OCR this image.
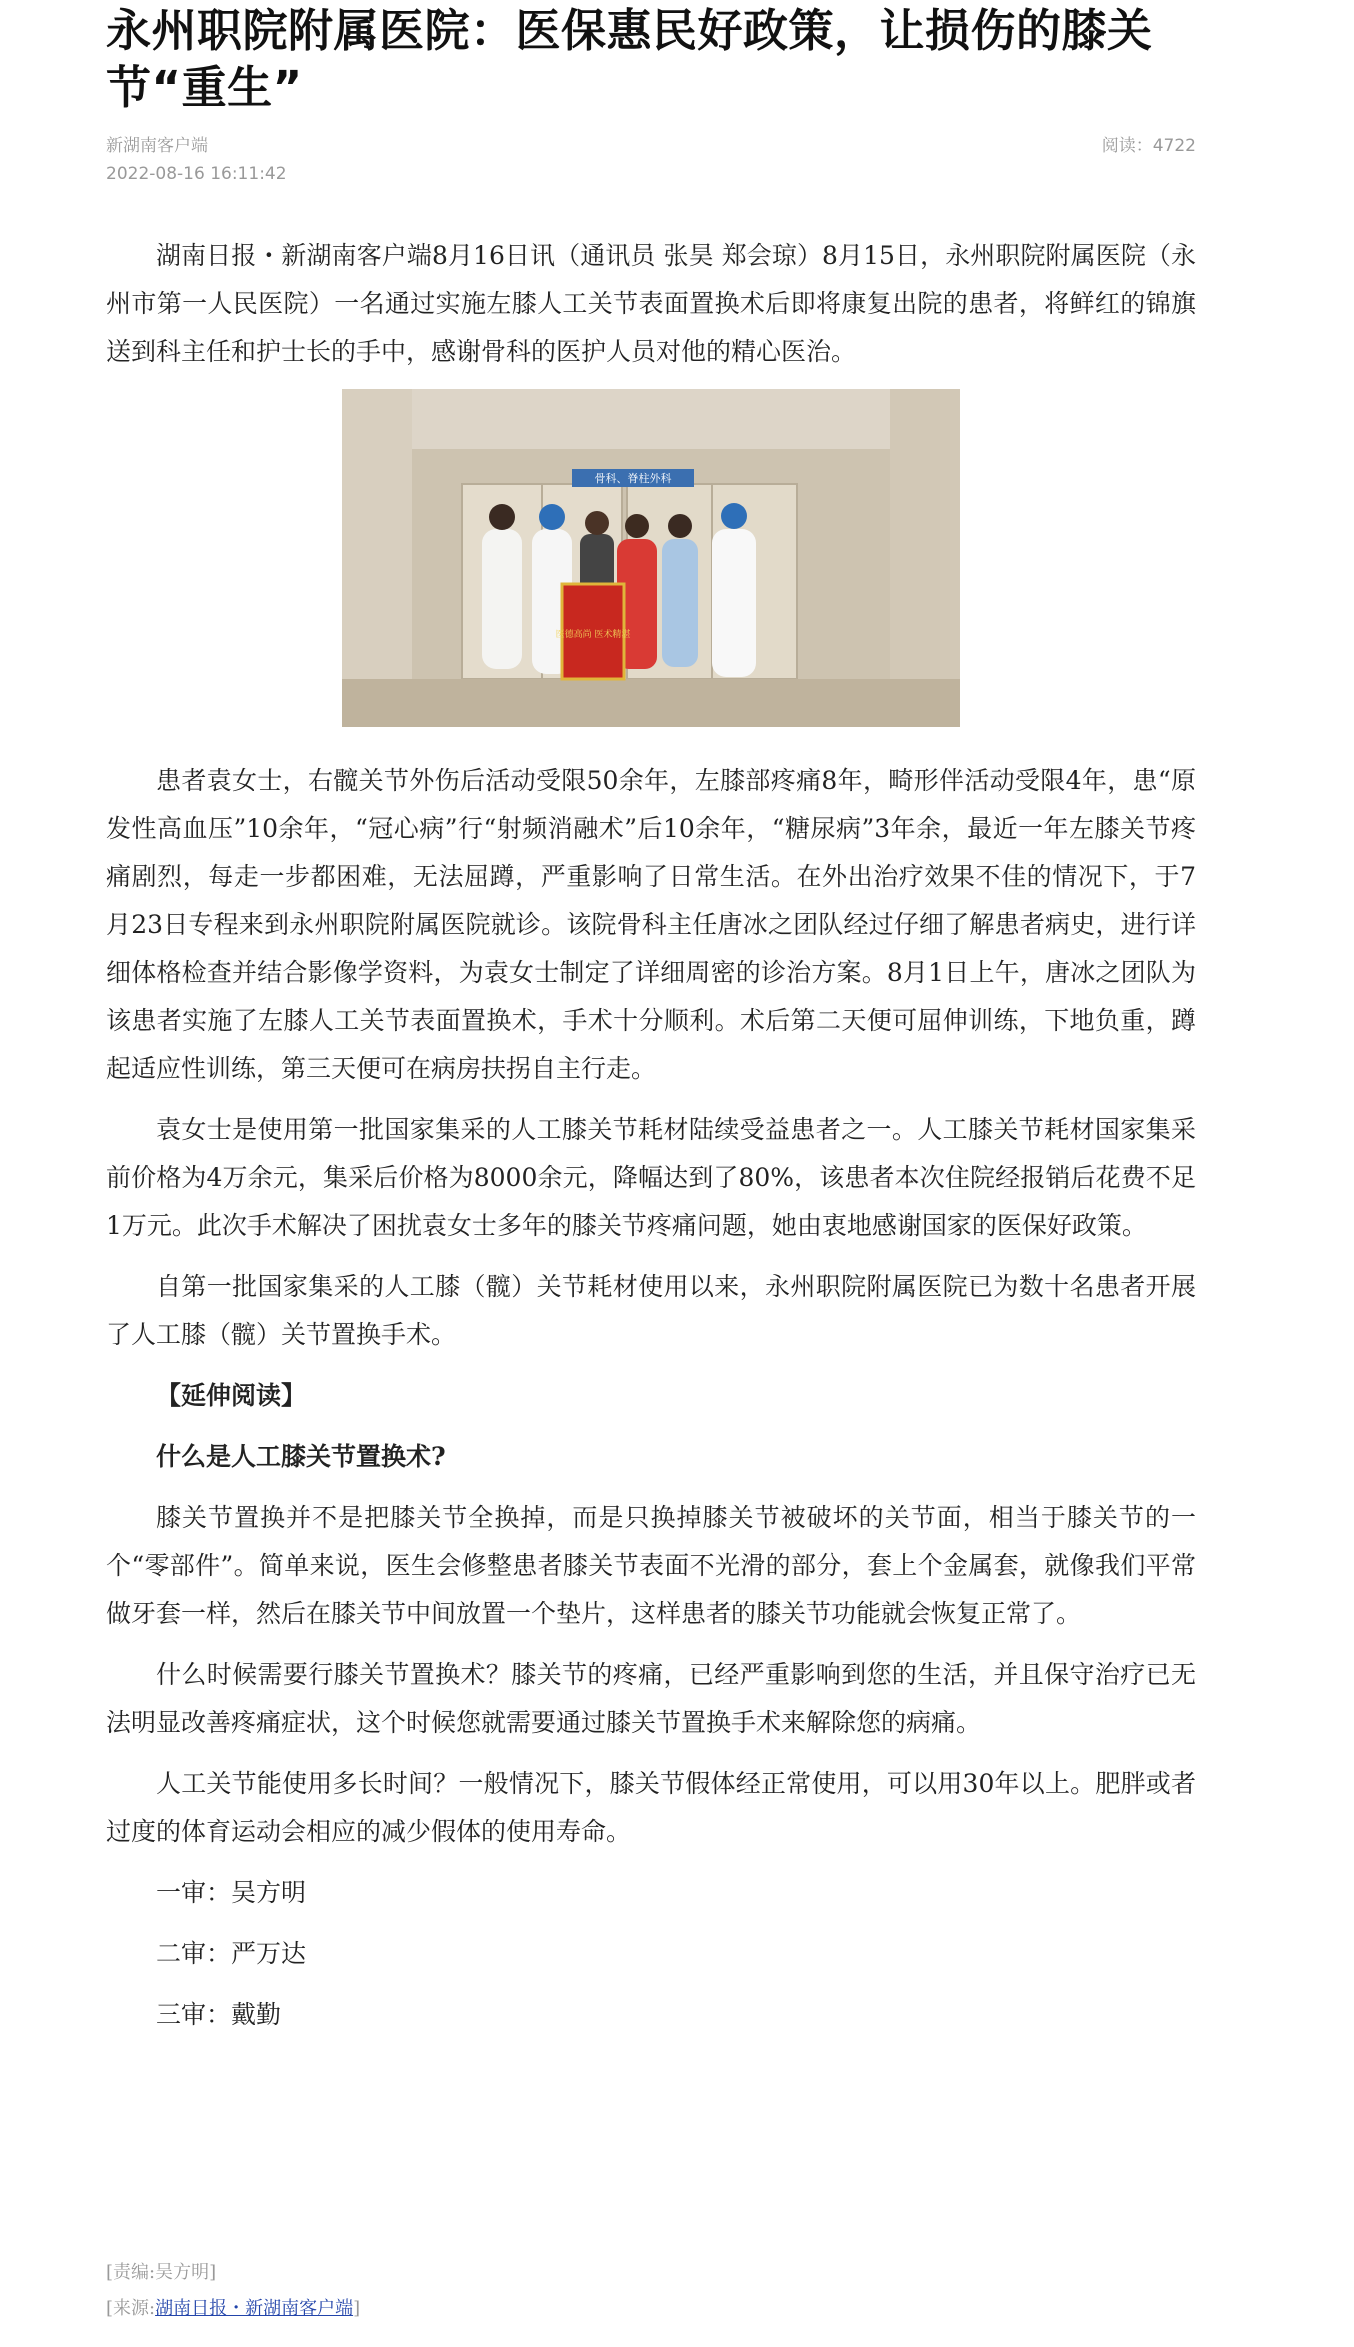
永州职院附属医院：医保惠民好政策，让损伤的膝关节“重生”
新湖南客户端
2022-08-16 16:11:42
阅读：4722

湖南日报・新湖南客户端8月16日讯（通讯员 张昊 郑会琼）8月15日，永州职院附属医院（永州市第一人民医院）一名通过实施左膝人工关节表面置换术后即将康复出院的患者，将鲜红的锦旗送到科主任和护士长的手中，感谢骨科的医护人员对他的精心医治。

骨科、脊柱外科
医德高尚 医术精湛

患者袁女士，右髋关节外伤后活动受限50余年，左膝部疼痛8年，畸形伴活动受限4年，患“原发性高血压”10余年，“冠心病”行“射频消融术”后10余年，“糖尿病”3年余，最近一年左膝关节疼痛剧烈，每走一步都困难，无法屈蹲，严重影响了日常生活。在外出治疗效果不佳的情况下，于7月23日专程来到永州职院附属医院就诊。该院骨科主任唐冰之团队经过仔细了解患者病史，进行详细体格检查并结合影像学资料，为袁女士制定了详细周密的诊治方案。8月1日上午，唐冰之团队为该患者实施了左膝人工关节表面置换术，手术十分顺利。术后第二天便可屈伸训练，下地负重，蹲起适应性训练，第三天便可在病房扶拐自主行走。

袁女士是使用第一批国家集采的人工膝关节耗材陆续受益患者之一。人工膝关节耗材国家集采前价格为4万余元，集采后价格为8000余元，降幅达到了80%，该患者本次住院经报销后花费不足1万元。此次手术解决了困扰袁女士多年的膝关节疼痛问题，她由衷地感谢国家的医保好政策。

自第一批国家集采的人工膝（髋）关节耗材使用以来，永州职院附属医院已为数十名患者开展了人工膝（髋）关节置换手术。

【延伸阅读】

什么是人工膝关节置换术?

膝关节置换并不是把膝关节全换掉，而是只换掉膝关节被破坏的关节面，相当于膝关节的一个“零部件”。简单来说，医生会修整患者膝关节表面不光滑的部分，套上个金属套，就像我们平常做牙套一样，然后在膝关节中间放置一个垫片，这样患者的膝关节功能就会恢复正常了。

什么时候需要行膝关节置换术？膝关节的疼痛，已经严重影响到您的生活，并且保守治疗已无法明显改善疼痛症状，这个时候您就需要通过膝关节置换手术来解除您的病痛。

人工关节能使用多长时间？一般情况下，膝关节假体经正常使用，可以用30年以上。肥胖或者过度的体育运动会相应的减少假体的使用寿命。

一审：吴方明

二审：严万达

三审：戴勤

[责编:吴方明]
[来源:湖南日报・新湖南客户端]
